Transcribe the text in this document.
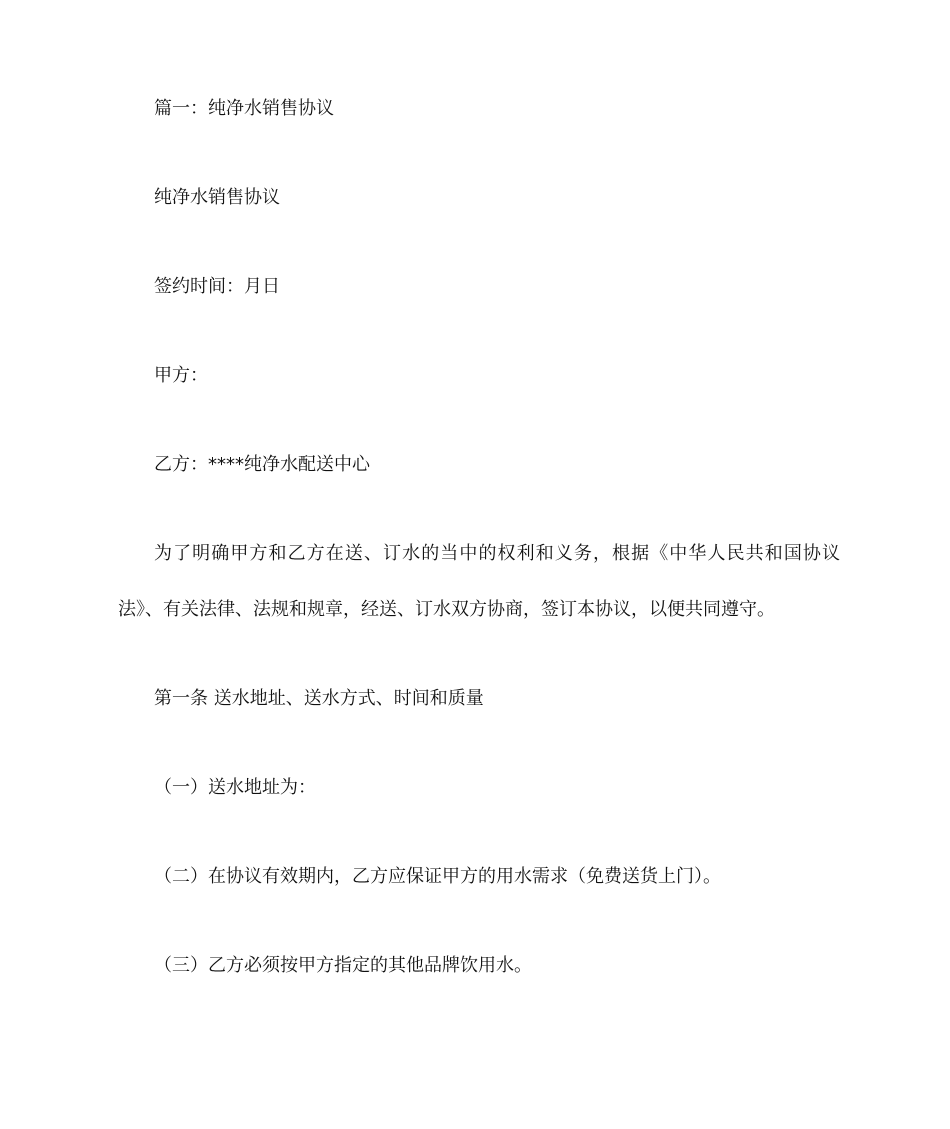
篇一：纯净水销售协议
纯净水销售协议
签约时间：月日
甲方：
乙方：****纯净水配送中心
为了明确甲方和乙方在送、订水的当中的权利和义务，根据《中华人民共和国协议法》、有关法律、法规和规章，经送、订水双方协商，签订本协议，以便共同遵守。
第一条 送水地址、送水方式、时间和质量
（一）送水地址为：
（二）在协议有效期内，乙方应保证甲方的用水需求（免费送货上门）。
（三）乙方必须按甲方指定的其他品牌饮用水。
